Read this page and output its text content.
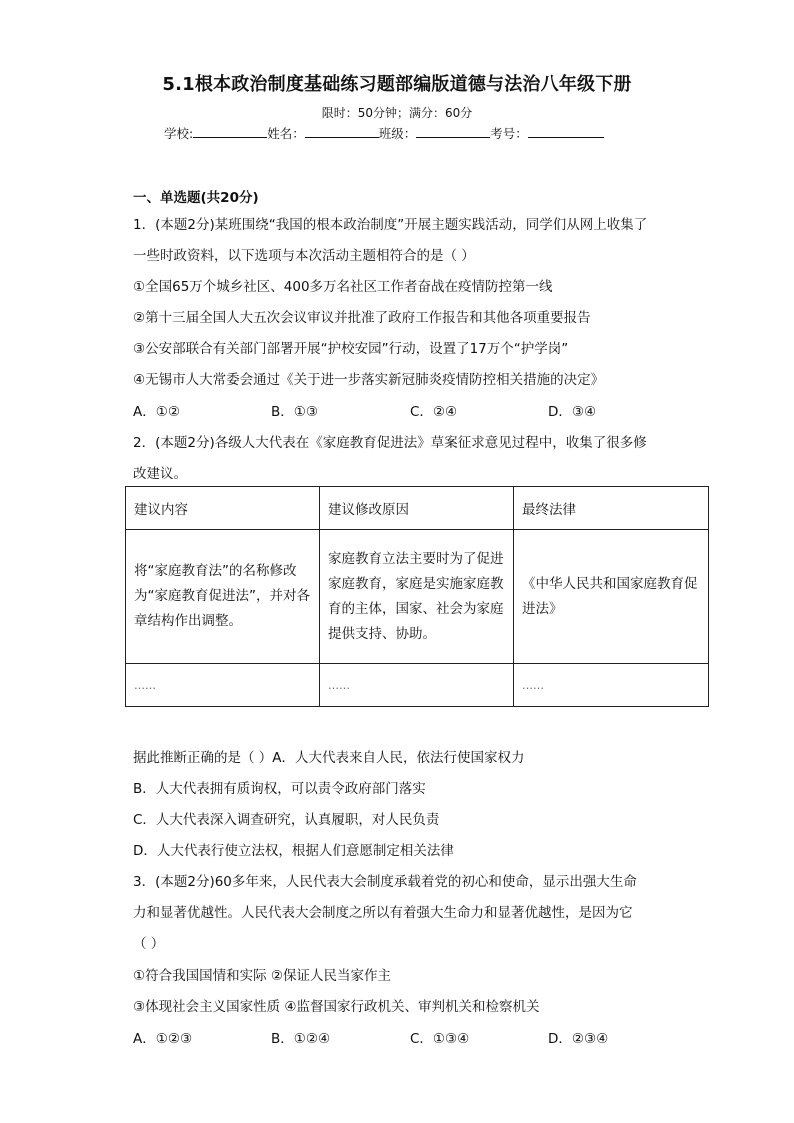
5.1根本政治制度基础练习题部编版道德与法治八年级下册
限时：50分钟；满分：60分
学校:	姓名：	班级：	考号：
一、单选题(共20分)
1．(本题2分)某班围绕“我国的根本政治制度”开展主题实践活动，同学们从网上收集了
一些时政资料，以下选项与本次活动主题相符合的是（ ）
①全国65万个城乡社区、400多万名社区工作者奋战在疫情防控第一线
②第十三届全国人大五次会议审议并批准了政府工作报告和其他各项重要报告
③公安部联合有关部门部署开展“护校安园”行动，设置了17万个“护学岗”
④无锡市人大常委会通过《关于进一步落实新冠肺炎疫情防控相关措施的决定》
A．①②	B．①③	C．②④	D．③④
2．(本题2分)各级人大代表在《家庭教育促进法》草案征求意见过程中，收集了很多修
改建议。
建议内容	建议修改原因	最终法律
将“家庭教育法”的名称修改为“家庭教育促进法”，并对各章结构作出调整。	家庭教育立法主要时为了促进家庭教育，家庭是实施家庭教育的主体，国家、社会为家庭提供支持、协助。	《中华人民共和国家庭教育促进法》
……	……	……
据此推断正确的是（ ）A．人大代表来自人民，依法行使国家权力
B．人大代表拥有质询权，可以责令政府部门落实
C．人大代表深入调查研究，认真履职，对人民负责
D．人大代表行使立法权，根据人们意愿制定相关法律
3．(本题2分)60多年来，人民代表大会制度承载着党的初心和使命，显示出强大生命
力和显著优越性。人民代表大会制度之所以有着强大生命力和显著优越性，是因为它
（ ）
①符合我国国情和实际 ②保证人民当家作主
③体现社会主义国家性质 ④监督国家行政机关、审判机关和检察机关
A．①②③	B．①②④	C．①③④	D．②③④
